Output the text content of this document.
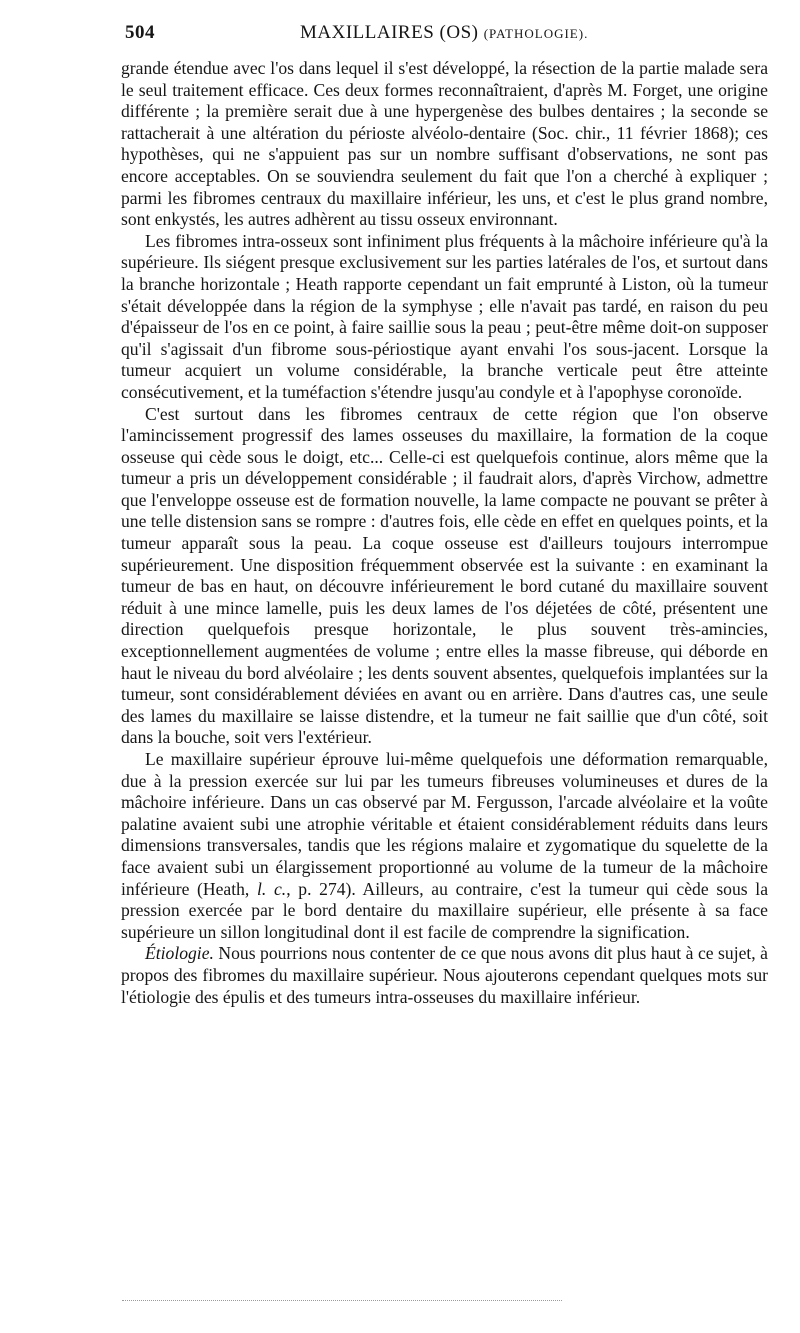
504	MAXILLAIRES (OS) (PATHOLOGIE).

grande étendue avec l'os dans lequel il s'est développé, la résection de la partie malade sera le seul traitement efficace. Ces deux formes reconnaîtraient, d'après M. Forget, une origine différente ; la première serait due à une hypergenèse des bulbes dentaires ; la seconde se rattacherait à une altération du périoste alvéolo-dentaire (Soc. chir., 11 février 1868); ces hypothèses, qui ne s'appuient pas sur un nombre suffisant d'observations, ne sont pas encore acceptables. On se souviendra seulement du fait que l'on a cherché à expliquer ; parmi les fibromes centraux du maxillaire inférieur, les uns, et c'est le plus grand nombre, sont enkystés, les autres adhèrent au tissu osseux environnant.

Les fibromes intra-osseux sont infiniment plus fréquents à la mâchoire inférieure qu'à la supérieure. Ils siégent presque exclusivement sur les parties latérales de l'os, et surtout dans la branche horizontale ; Heath rapporte cependant un fait emprunté à Liston, où la tumeur s'était développée dans la région de la symphyse ; elle n'avait pas tardé, en raison du peu d'épaisseur de l'os en ce point, à faire saillie sous la peau ; peut-être même doit-on supposer qu'il s'agissait d'un fibrome sous-périostique ayant envahi l'os sous-jacent. Lorsque la tumeur acquiert un volume considérable, la branche verticale peut être atteinte consécutivement, et la tuméfaction s'étendre jusqu'au condyle et à l'apophyse coronoïde.

C'est surtout dans les fibromes centraux de cette région que l'on observe l'amincissement progressif des lames osseuses du maxillaire, la formation de la coque osseuse qui cède sous le doigt, etc... Celle-ci est quelquefois continue, alors même que la tumeur a pris un développement considérable ; il faudrait alors, d'après Virchow, admettre que l'enveloppe osseuse est de formation nouvelle, la lame compacte ne pouvant se prêter à une telle distension sans se rompre : d'autres fois, elle cède en effet en quelques points, et la tumeur apparaît sous la peau. La coque osseuse est d'ailleurs toujours interrompue supérieurement. Une disposition fréquemment observée est la suivante : en examinant la tumeur de bas en haut, on découvre inférieurement le bord cutané du maxillaire souvent réduit à une mince lamelle, puis les deux lames de l'os déjetées de côté, présentent une direction quelquefois presque horizontale, le plus souvent très-amincies, exceptionnellement augmentées de volume ; entre elles la masse fibreuse, qui déborde en haut le niveau du bord alvéolaire ; les dents souvent absentes, quelquefois implantées sur la tumeur, sont considérablement déviées en avant ou en arrière. Dans d'autres cas, une seule des lames du maxillaire se laisse distendre, et la tumeur ne fait saillie que d'un côté, soit dans la bouche, soit vers l'extérieur.

Le maxillaire supérieur éprouve lui-même quelquefois une déformation remarquable, due à la pression exercée sur lui par les tumeurs fibreuses volumineuses et dures de la mâchoire inférieure. Dans un cas observé par M. Fergusson, l'arcade alvéolaire et la voûte palatine avaient subi une atrophie véritable et étaient considérablement réduits dans leurs dimensions transversales, tandis que les régions malaire et zygomatique du squelette de la face avaient subi un élargissement proportionné au volume de la tumeur de la mâchoire inférieure (Heath, l. c., p. 274). Ailleurs, au contraire, c'est la tumeur qui cède sous la pression exercée par le bord dentaire du maxillaire supérieur, elle présente à sa face supérieure un sillon longitudinal dont il est facile de comprendre la signification.

Étiologie. Nous pourrions nous contenter de ce que nous avons dit plus haut à ce sujet, à propos des fibromes du maxillaire supérieur. Nous ajouterons cependant quelques mots sur l'étiologie des épulis et des tumeurs intra-osseuses du maxillaire inférieur.
